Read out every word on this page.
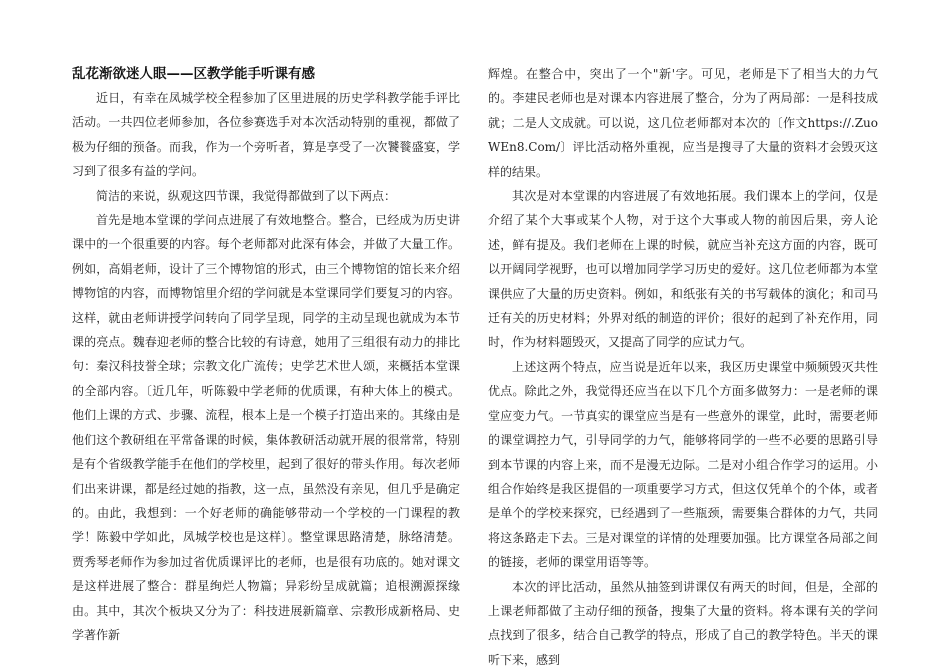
乱花渐欲迷人眼——区教学能手听课有感

近日，有幸在凤城学校全程参加了区里进展的历史学科教学能手评比活动。一共四位老师参加，各位参赛选手对本次活动特别的重视，都做了极为仔细的预备。而我，作为一个旁听者，算是享受了一次饕餮盛宴，学习到了很多有益的学问。

简洁的来说，纵观这四节课，我觉得都做到了以下两点：

首先是地本堂课的学问点进展了有效地整合。整合，已经成为历史讲课中的一个很重要的内容。每个老师都对此深有体会，并做了大量工作。例如，高娟老师，设计了三个博物馆的形式，由三个博物馆的馆长来介绍博物馆的内容，而博物馆里介绍的学问就是本堂课同学们要复习的内容。这样，就由老师讲授学问转向了同学呈现，同学的主动呈现也就成为本节课的亮点。魏春迎老师的整合比较的有诗意，她用了三组很有动力的排比句：秦汉科技誉全球；宗教文化广流传；史学艺术世人颂，来概括本堂课的全部内容。〔近几年，听陈毅中学老师的优质课，有种大体上的模式。他们上课的方式、步骤、流程，根本上是一个模子打造出来的。其缘由是他们这个教研组在平常备课的时候，集体教研活动就开展的很常常，特别是有个省级教学能手在他们的学校里，起到了很好的带头作用。每次老师们出来讲课，都是经过她的指教，这一点，虽然没有亲见，但几乎是确定的。由此，我想到：一个好老师的确能够带动一个学校的一门课程的教学！陈毅中学如此，凤城学校也是这样〕。整堂课思路清楚，脉络清楚。贾秀琴老师作为参加过省优质课评比的老师，也是很有功底的。她对课文是这样进展了整合：群星绚烂人物篇；异彩纷呈成就篇；追根溯源探缘由。其中，其次个板块又分为了：科技进展新篇章、宗教形成新格局、史学著作新

辉煌。在整合中，突出了一个"新'字。可见，老师是下了相当大的力气的。李建民老师也是对课本内容进展了整合，分为了两局部：一是科技成就；二是人文成就。可以说，这几位老师都对本次的〔作文https://.ZuoWEn8.Com/〕评比活动格外重视，应当是搜寻了大量的资料才会毁灭这样的结果。

其次是对本堂课的内容进展了有效地拓展。我们课本上的学问，仅是介绍了某个大事或某个人物，对于这个大事或人物的前因后果，旁人论述，鲜有提及。我们老师在上课的时候，就应当补充这方面的内容，既可以开阔同学视野，也可以增加同学学习历史的爱好。这几位老师都为本堂课供应了大量的历史资料。例如，和纸张有关的书写载体的演化；和司马迁有关的历史材料；外界对纸的制造的评价；很好的起到了补充作用，同时，作为材料题毁灭，又提高了同学的应试力气。

上述这两个特点，应当说是近年以来，我区历史课堂中频频毁灭共性优点。除此之外，我觉得还应当在以下几个方面多做努力：一是老师的课堂应变力气。一节真实的课堂应当是有一些意外的课堂，此时，需要老师的课堂调控力气，引导同学的力气，能够将同学的一些不必要的思路引导到本节课的内容上来，而不是漫无边际。二是对小组合作学习的运用。小组合作始终是我区提倡的一项重要学习方式，但这仅凭单个的个体，或者是单个的学校来探究，已经遇到了一些瓶颈，需要集合群体的力气，共同将这条路走下去。三是对课堂的详情的处理要加强。比方课堂各局部之间的链接，老师的课堂用语等等。

本次的评比活动，虽然从抽签到讲课仅有两天的时间，但是，全部的上课老师都做了主动仔细的预备，搜集了大量的资料。将本课有关的学问点找到了很多，结合自己教学的特点，形成了自己的教学特色。半天的课听下来，感到
